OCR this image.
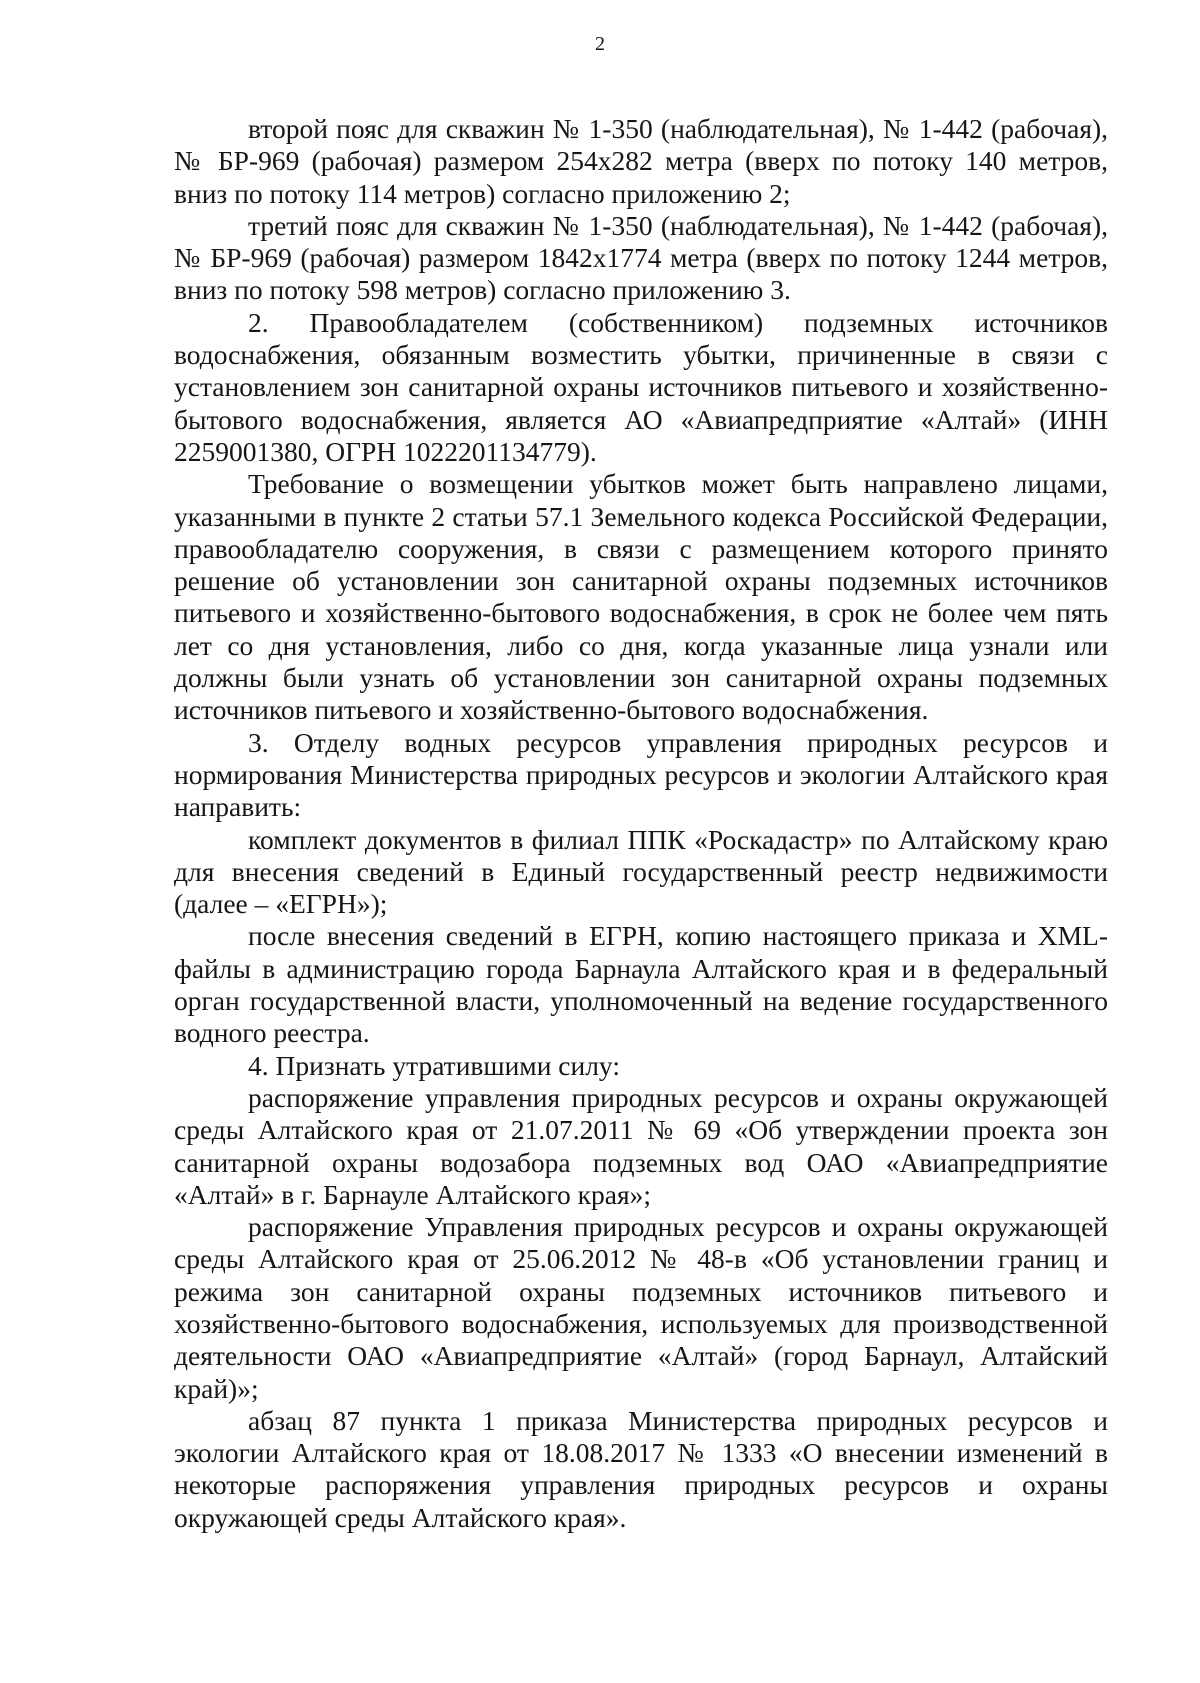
2

второй пояс для скважин № 1-350 (наблюдательная), № 1-442 (рабочая), № БР-969 (рабочая) размером 254x282 метра (вверх по потоку 140 метров, вниз по потоку 114 метров) согласно приложению 2;

третий пояс для скважин № 1-350 (наблюдательная), № 1-442 (рабочая), № БР-969 (рабочая) размером 1842x1774 метра (вверх по потоку 1244 метров, вниз по потоку 598 метров) согласно приложению 3.

2. Правообладателем (собственником) подземных источников водоснабжения, обязанным возместить убытки, причиненные в связи с установлением зон санитарной охраны источников питьевого и хозяйственно-бытового водоснабжения, является АО «Авиапредприятие «Алтай» (ИНН 2259001380, ОГРН 1022201134779).

Требование о возмещении убытков может быть направлено лицами, указанными в пункте 2 статьи 57.1 Земельного кодекса Российской Федерации, правообладателю сооружения, в связи с размещением которого принято решение об установлении зон санитарной охраны подземных источников питьевого и хозяйственно-бытового водоснабжения, в срок не более чем пять лет со дня установления, либо со дня, когда указанные лица узнали или должны были узнать об установлении зон санитарной охраны подземных источников питьевого и хозяйственно-бытового водоснабжения.

3. Отделу водных ресурсов управления природных ресурсов и нормирования Министерства природных ресурсов и экологии Алтайского края направить:

комплект документов в филиал ППК «Роскадастр» по Алтайскому краю для внесения сведений в Единый государственный реестр недвижимости (далее – «ЕГРН»);

после внесения сведений в ЕГРН, копию настоящего приказа и XML-файлы в администрацию города Барнаула Алтайского края и в федеральный орган государственной власти, уполномоченный на ведение государственного водного реестра.

4. Признать утратившими силу:

распоряжение управления природных ресурсов и охраны окружающей среды Алтайского края от 21.07.2011 № 69 «Об утверждении проекта зон санитарной охраны водозабора подземных вод ОАО «Авиапредприятие «Алтай» в г. Барнауле Алтайского края»;

распоряжение Управления природных ресурсов и охраны окружающей среды Алтайского края от 25.06.2012 № 48-в «Об установлении границ и режима зон санитарной охраны подземных источников питьевого и хозяйственно-бытового водоснабжения, используемых для производственной деятельности ОАО «Авиапредприятие «Алтай» (город Барнаул, Алтайский край)»;

абзац 87 пункта 1 приказа Министерства природных ресурсов и экологии Алтайского края от 18.08.2017 № 1333 «О внесении изменений в некоторые распоряжения управления природных ресурсов и охраны окружающей среды Алтайского края».
